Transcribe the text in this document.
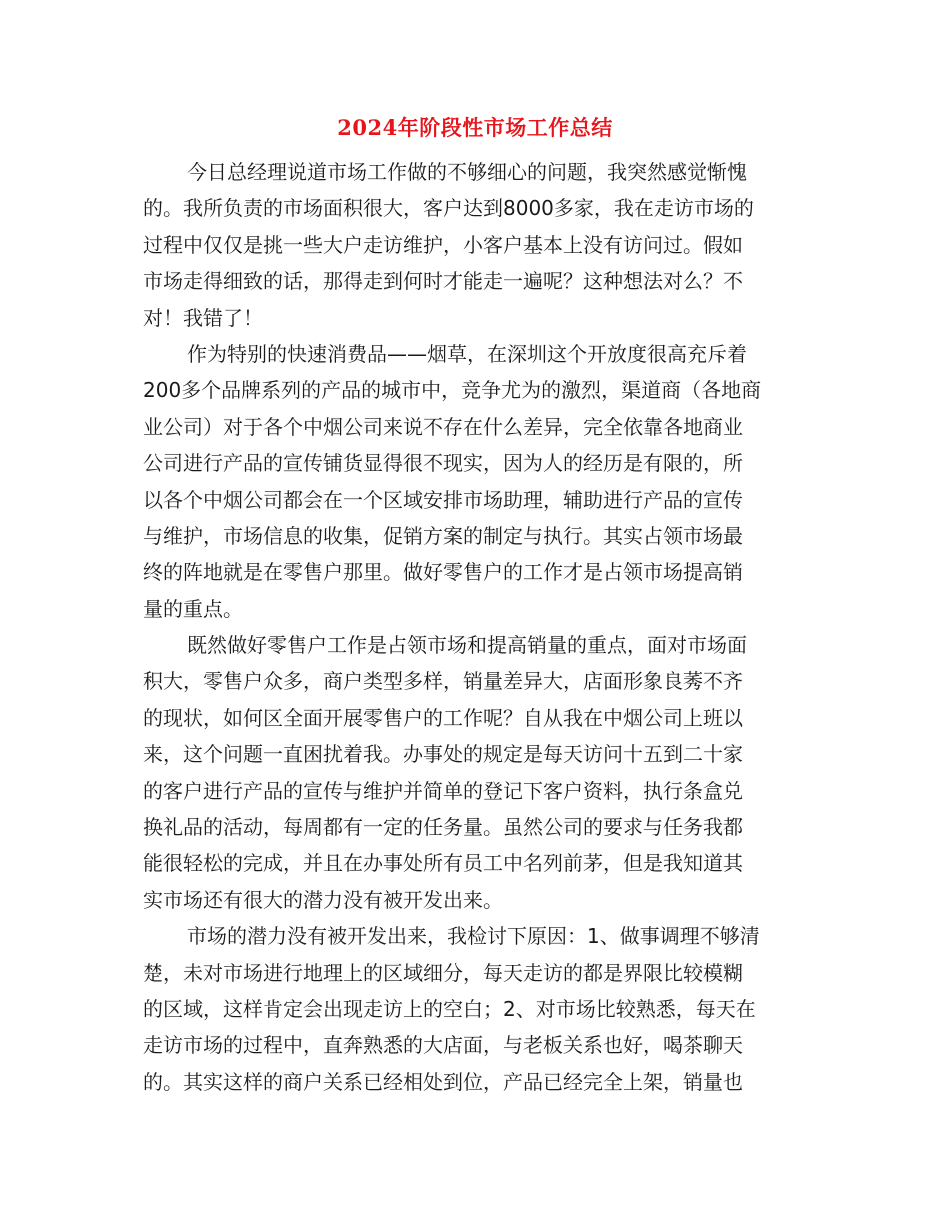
2024年阶段性市场工作总结
今日总经理说道市场工作做的不够细心的问题，我突然感觉惭愧
的。我所负责的市场面积很大，客户达到8000多家，我在走访市场的
过程中仅仅是挑一些大户走访维护，小客户基本上没有访问过。假如
市场走得细致的话，那得走到何时才能走一遍呢？这种想法对么？不
对！我错了！
作为特别的快速消费品——烟草，在深圳这个开放度很高充斥着
200多个品牌系列的产品的城市中，竞争尤为的激烈，渠道商（各地商
业公司）对于各个中烟公司来说不存在什么差异，完全依靠各地商业
公司进行产品的宣传铺货显得很不现实，因为人的经历是有限的，所
以各个中烟公司都会在一个区域安排市场助理，辅助进行产品的宣传
与维护，市场信息的收集，促销方案的制定与执行。其实占领市场最
终的阵地就是在零售户那里。做好零售户的工作才是占领市场提高销
量的重点。
既然做好零售户工作是占领市场和提高销量的重点，面对市场面
积大，零售户众多，商户类型多样，销量差异大，店面形象良莠不齐
的现状，如何区全面开展零售户的工作呢？自从我在中烟公司上班以
来，这个问题一直困扰着我。办事处的规定是每天访问十五到二十家
的客户进行产品的宣传与维护并简单的登记下客户资料，执行条盒兑
换礼品的活动，每周都有一定的任务量。虽然公司的要求与任务我都
能很轻松的完成，并且在办事处所有员工中名列前茅，但是我知道其
实市场还有很大的潜力没有被开发出来。
市场的潜力没有被开发出来，我检讨下原因：1、做事调理不够清
楚，未对市场进行地理上的区域细分，每天走访的都是界限比较模糊
的区域，这样肯定会出现走访上的空白；2、对市场比较熟悉，每天在
走访市场的过程中，直奔熟悉的大店面，与老板关系也好，喝茶聊天
的。其实这样的商户关系已经相处到位，产品已经完全上架，销量也
